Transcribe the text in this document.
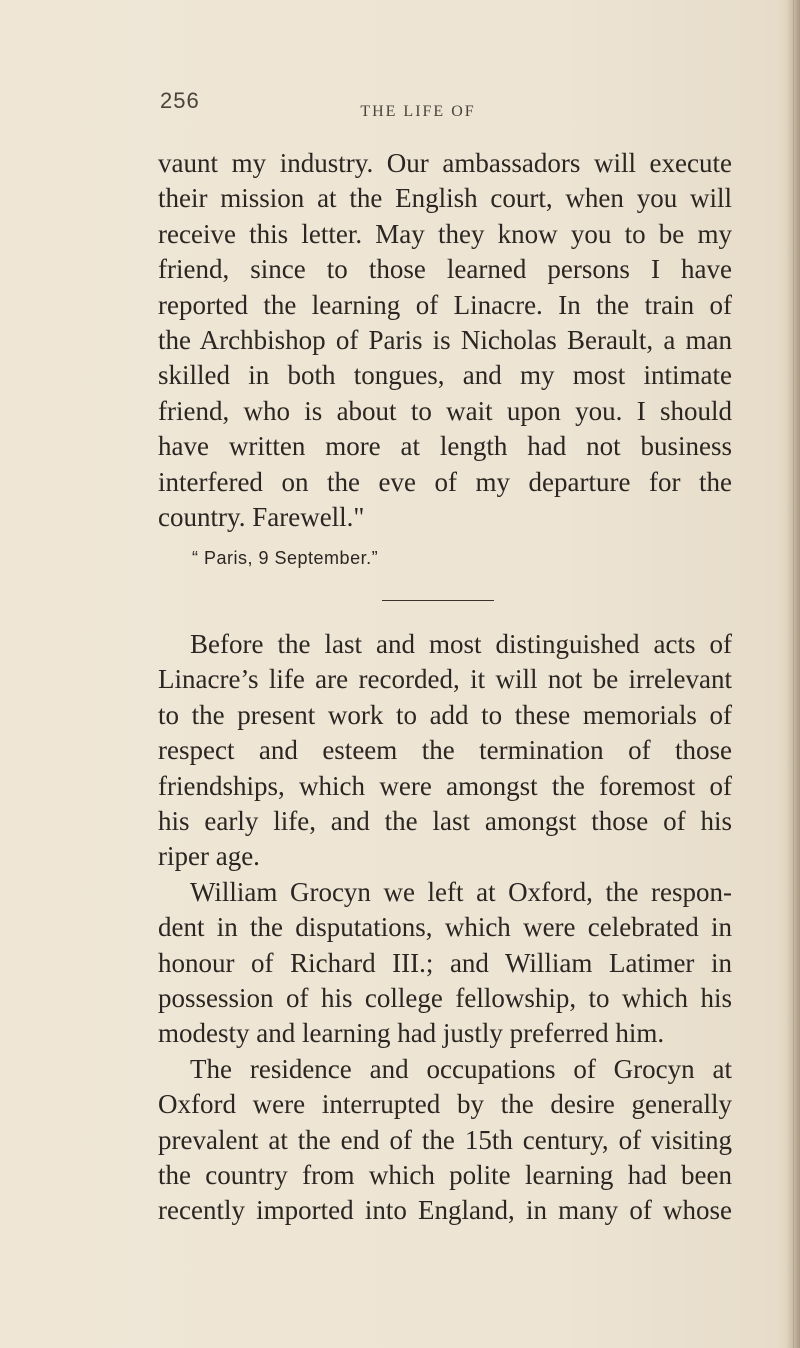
256	THE LIFE OF
vaunt my industry. Our ambassadors will execute
their mission at the English court, when you will
receive this letter. May they know you to be my
friend, since to those learned persons I have
reported the learning of Linacre. In the train of
the Archbishop of Paris is Nicholas Berault, a man
skilled in both tongues, and my most intimate
friend, who is about to wait upon you. I should
have written more at length had not business
interfered on the eve of my departure for the
country. Farewell."
“ Paris, 9 September.”
Before the last and most distinguished acts of
Linacre’s life are recorded, it will not be irrelevant
to the present work to add to these memorials of
respect and esteem the termination of those
friendships, which were amongst the foremost of
his early life, and the last amongst those of his
riper age.
William Grocyn we left at Oxford, the respon-
dent in the disputations, which were celebrated in
honour of Richard III.; and William Latimer in
possession of his college fellowship, to which his
modesty and learning had justly preferred him.
The residence and occupations of Grocyn at
Oxford were interrupted by the desire generally
prevalent at the end of the 15th century, of visiting
the country from which polite learning had been
recently imported into England, in many of whose
